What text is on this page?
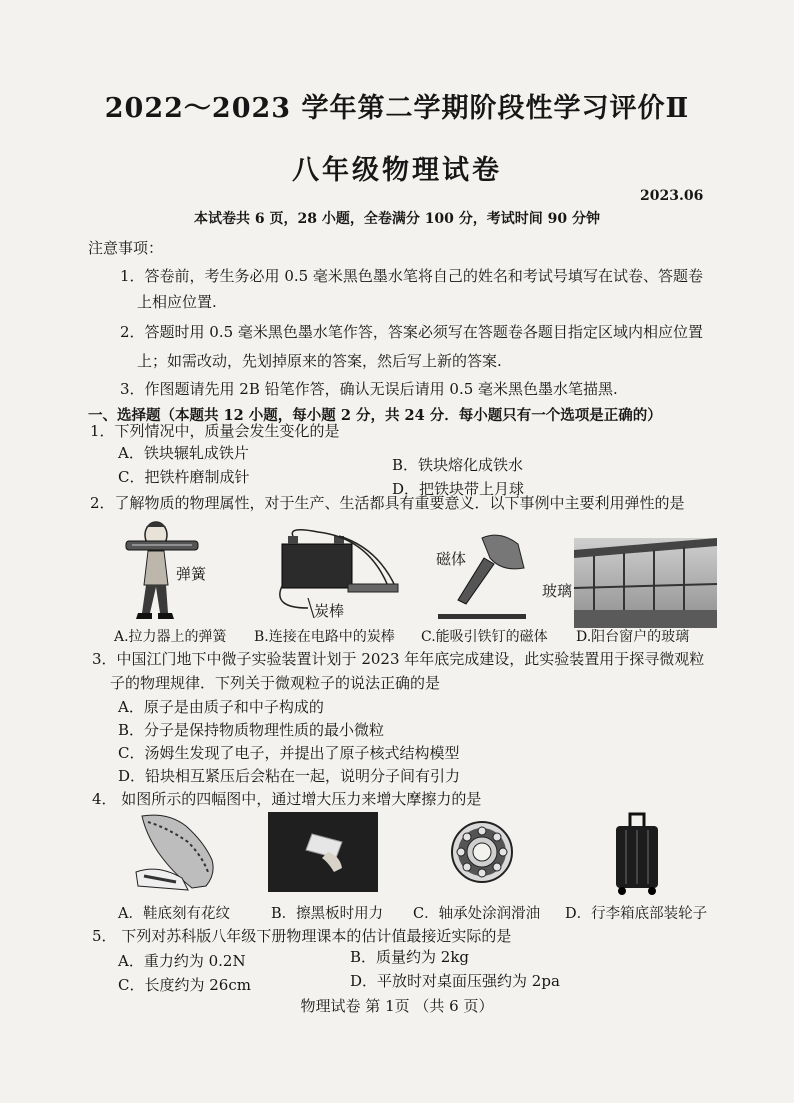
2022～2023 学年第二学期阶段性学习评价Ⅱ
八年级物理试卷
2023.06
本试卷共 6 页，28 小题，全卷满分 100 分，考试时间 90 分钟
注意事项：
1．答卷前，考生务必用 0.5 毫米黑色墨水笔将自己的姓名和考试号填写在试卷、答题卷
上相应位置.
2．答题时用 0.5 毫米黑色墨水笔作答，答案必须写在答题卷各题目指定区域内相应位置
上；如需改动，先划掉原来的答案，然后写上新的答案.
3．作图题请先用 2B 铅笔作答，确认无误后请用 0.5 毫米黑色墨水笔描黑.
一、选择题（本题共 12 小题，每小题 2 分，共 24 分．每小题只有一个选项是正确的）
1．下列情况中，质量会发生变化的是
A．铁块辗轧成铁片
B．铁块熔化成铁水
C．把铁杵磨制成针
D．把铁块带上月球
2．了解物质的物理属性，对于生产、生活都具有重要意义．以下事例中主要利用弹性的是
弹簧
炭棒
磁体
玻璃
A.拉力器上的弹簧 B.连接在电路中的炭棒 C.能吸引铁钉的磁体 D.阳台窗户的玻璃
3．中国江门地下中微子实验装置计划于 2023 年年底完成建设，此实验装置用于探寻微观粒
子的物理规律．下列关于微观粒子的说法正确的是
A．原子是由质子和中子构成的
B．分子是保持物质物理性质的最小微粒
C．汤姆生发现了电子，并提出了原子核式结构模型
D．铅块相互紧压后会粘在一起，说明分子间有引力
4． 如图所示的四幅图中，通过增大压力来增大摩擦力的是
A．鞋底刻有花纹	B．擦黑板时用力 C．轴承处涂润滑油 D．行李箱底部装轮子
5． 下列对苏科版八年级下册物理课本的估计值最接近实际的是
A．重力约为 0.2N	B．质量约为 2kg
C．长度约为 26cm	D．平放时对桌面压强约为 2pa
物理试卷 第 1页 （共 6 页）
